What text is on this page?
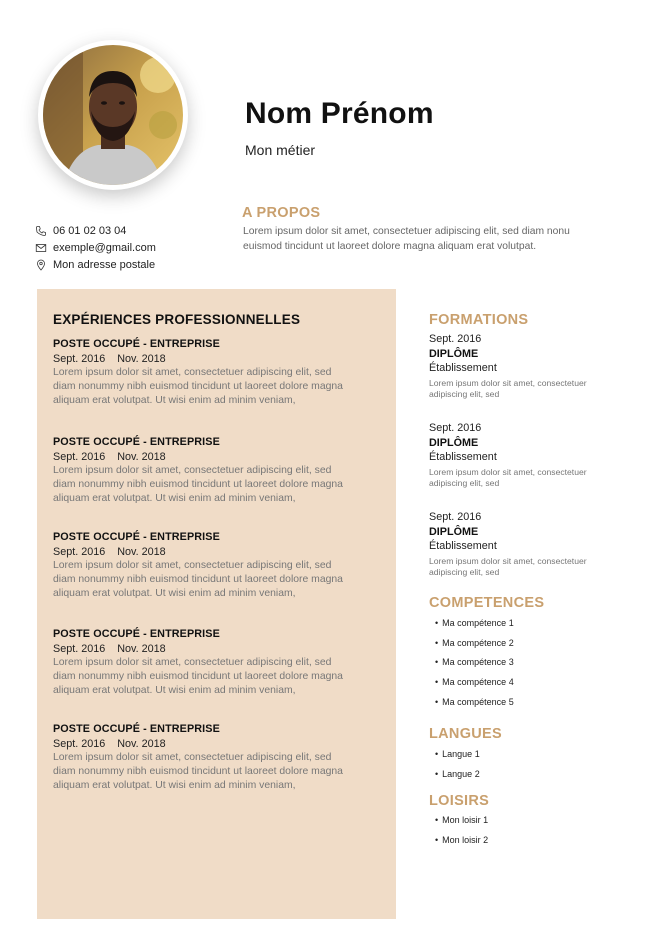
Nom Prénom
Mon métier
A PROPOS
Lorem ipsum dolor sit amet, consectetuer adipiscing elit, sed diam nonu euismod tincidunt ut laoreet dolore magna aliquam erat volutpat.
06 01 02 03 04
exemple@gmail.com
Mon adresse postale
EXPÉRIENCES PROFESSIONNELLES
POSTE OCCUPÉ - ENTREPRISE
Sept. 2016 Nov. 2018
Lorem ipsum dolor sit amet, consectetuer adipiscing elit, sed diam nonummy nibh euismod tincidunt ut laoreet dolore magna aliquam erat volutpat. Ut wisi enim ad minim veniam,
POSTE OCCUPÉ - ENTREPRISE
Sept. 2016 Nov. 2018
Lorem ipsum dolor sit amet, consectetuer adipiscing elit, sed diam nonummy nibh euismod tincidunt ut laoreet dolore magna aliquam erat volutpat. Ut wisi enim ad minim veniam,
POSTE OCCUPÉ - ENTREPRISE
Sept. 2016 Nov. 2018
Lorem ipsum dolor sit amet, consectetuer adipiscing elit, sed diam nonummy nibh euismod tincidunt ut laoreet dolore magna aliquam erat volutpat. Ut wisi enim ad minim veniam,
POSTE OCCUPÉ - ENTREPRISE
Sept. 2016 Nov. 2018
Lorem ipsum dolor sit amet, consectetuer adipiscing elit, sed diam nonummy nibh euismod tincidunt ut laoreet dolore magna aliquam erat volutpat. Ut wisi enim ad minim veniam,
POSTE OCCUPÉ - ENTREPRISE
Sept. 2016 Nov. 2018
Lorem ipsum dolor sit amet, consectetuer adipiscing elit, sed diam nonummy nibh euismod tincidunt ut laoreet dolore magna aliquam erat volutpat. Ut wisi enim ad minim veniam,
FORMATIONS
Sept. 2016
DIPLÔME
Établissement
Lorem ipsum dolor sit amet, consectetuer adipiscing elit, sed
Sept. 2016
DIPLÔME
Établissement
Lorem ipsum dolor sit amet, consectetuer adipiscing elit, sed
Sept. 2016
DIPLÔME
Établissement
Lorem ipsum dolor sit amet, consectetuer adipiscing elit, sed
COMPETENCES
• Ma compétence 1
• Ma compétence 2
• Ma compétence 3
• Ma compétence 4
• Ma compétence 5
LANGUES
• Langue 1
• Langue 2
LOISIRS
• Mon loisir 1
• Mon loisir 2
